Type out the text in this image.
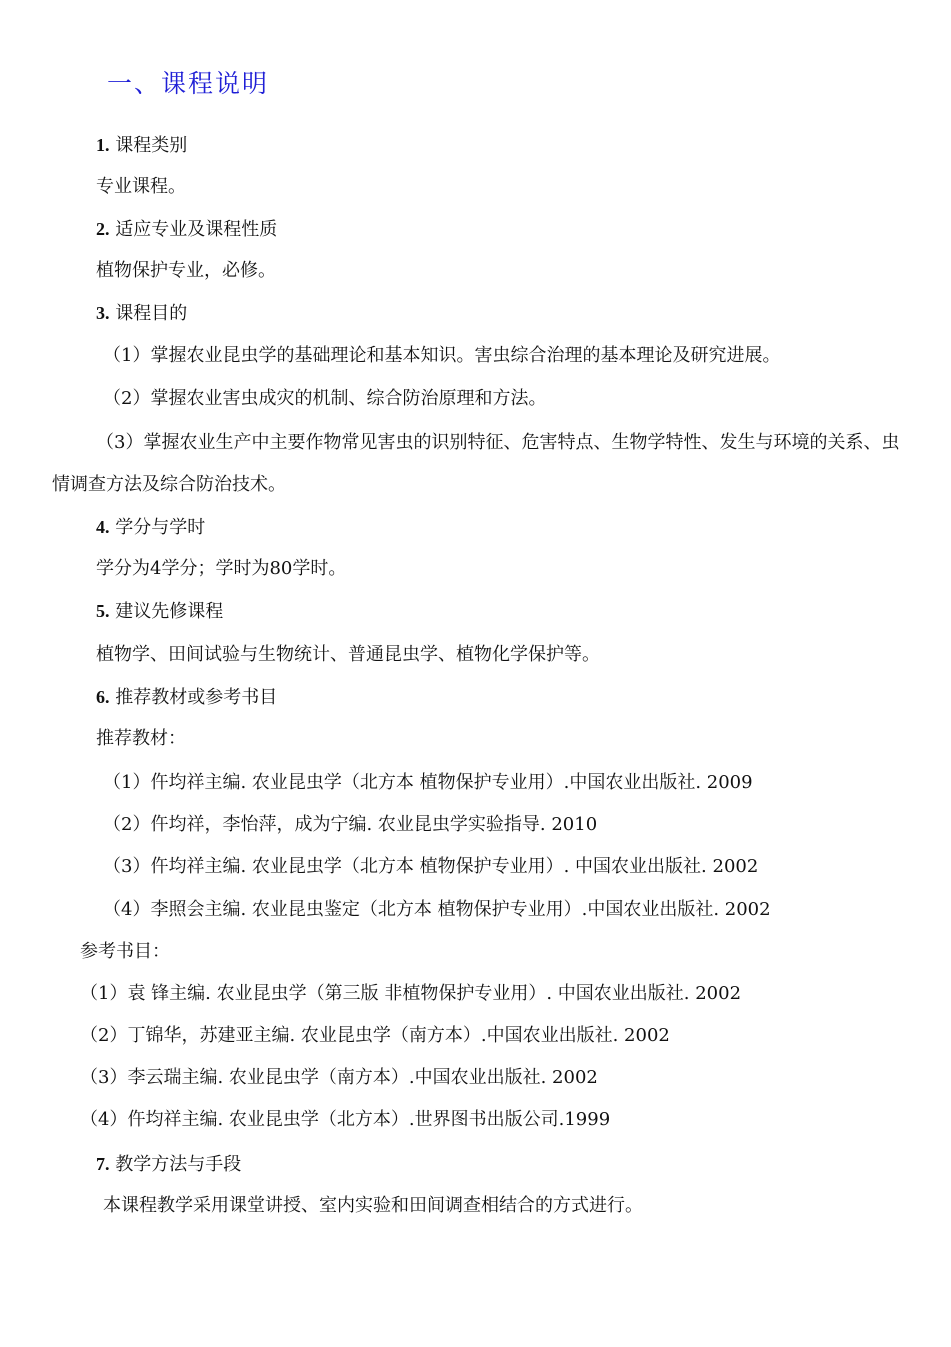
一、课程说明
1. 课程类别
专业课程。
2. 适应专业及课程性质
植物保护专业，必修。
3. 课程目的
（1）掌握农业昆虫学的基础理论和基本知识。害虫综合治理的基本理论及研究进展。
（2）掌握农业害虫成灾的机制、综合防治原理和方法。
（3）掌握农业生产中主要作物常见害虫的识别特征、危害特点、生物学特性、发生与环境的关系、虫情调查方法及综合防治技术。
4. 学分与学时
学分为4学分；学时为80学时。
5. 建议先修课程
植物学、田间试验与生物统计、普通昆虫学、植物化学保护等。
6. 推荐教材或参考书目
推荐教材：
（1）仵均祥主编. 农业昆虫学（北方本 植物保护专业用）.中国农业出版社. 2009
（2）仵均祥，李怡萍，成为宁编. 农业昆虫学实验指导. 2010
（3）仵均祥主编. 农业昆虫学（北方本 植物保护专业用）. 中国农业出版社. 2002
（4）李照会主编. 农业昆虫鉴定（北方本 植物保护专业用）.中国农业出版社. 2002
参考书目：
（1）袁 锋主编. 农业昆虫学（第三版 非植物保护专业用）. 中国农业出版社. 2002
（2）丁锦华，苏建亚主编. 农业昆虫学（南方本）.中国农业出版社. 2002
（3）李云瑞主编. 农业昆虫学（南方本）.中国农业出版社. 2002
（4）仵均祥主编. 农业昆虫学（北方本）.世界图书出版公司.1999
7. 教学方法与手段
本课程教学采用课堂讲授、室内实验和田间调查相结合的方式进行。
